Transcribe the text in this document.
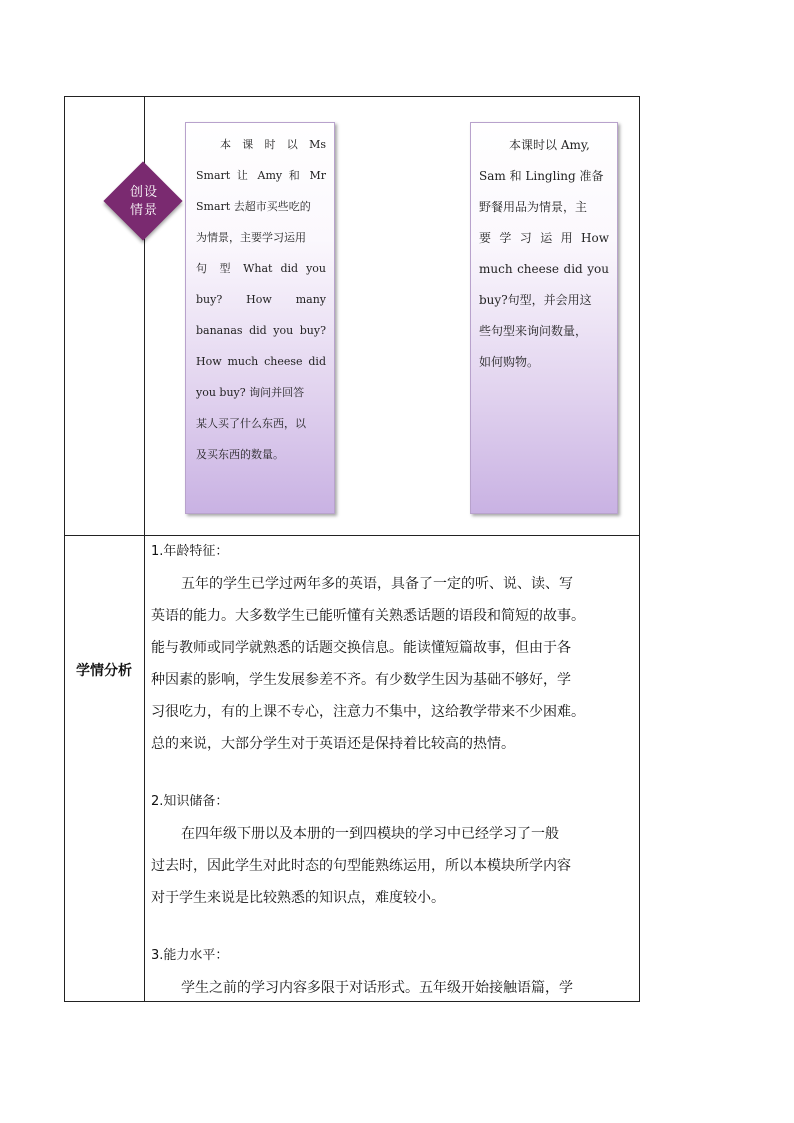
创设
情景
本 课 时 以 Ms
Smart 让 Amy 和 Mr
Smart 去超市买些吃的
为情景，主要学习运用
句 型 What did you
buy? How many
bananas did you buy?
How much cheese did
you buy? 询问并回答
某人买了什么东西，以
及买东西的数量。
本课时以 Amy,
Sam 和 Lingling 准备
野餐用品为情景，主
要 学 习 运 用 How
much cheese did you
buy?句型，并会用这
些句型来询问数量，
如何购物。
学情分析
1.年龄特征：
五年的学生已学过两年多的英语，具备了一定的听、说、读、写
英语的能力。大多数学生已能听懂有关熟悉话题的语段和简短的故事。
能与教师或同学就熟悉的话题交换信息。能读懂短篇故事，但由于各
种因素的影响，学生发展参差不齐。有少数学生因为基础不够好，学
习很吃力，有的上课不专心，注意力不集中，这给教学带来不少困难。
总的来说，大部分学生对于英语还是保持着比较高的热情。
2.知识储备：
在四年级下册以及本册的一到四模块的学习中已经学习了一般
过去时，因此学生对此时态的句型能熟练运用，所以本模块所学内容
对于学生来说是比较熟悉的知识点，难度较小。
3.能力水平：
学生之前的学习内容多限于对话形式。五年级开始接触语篇，学
